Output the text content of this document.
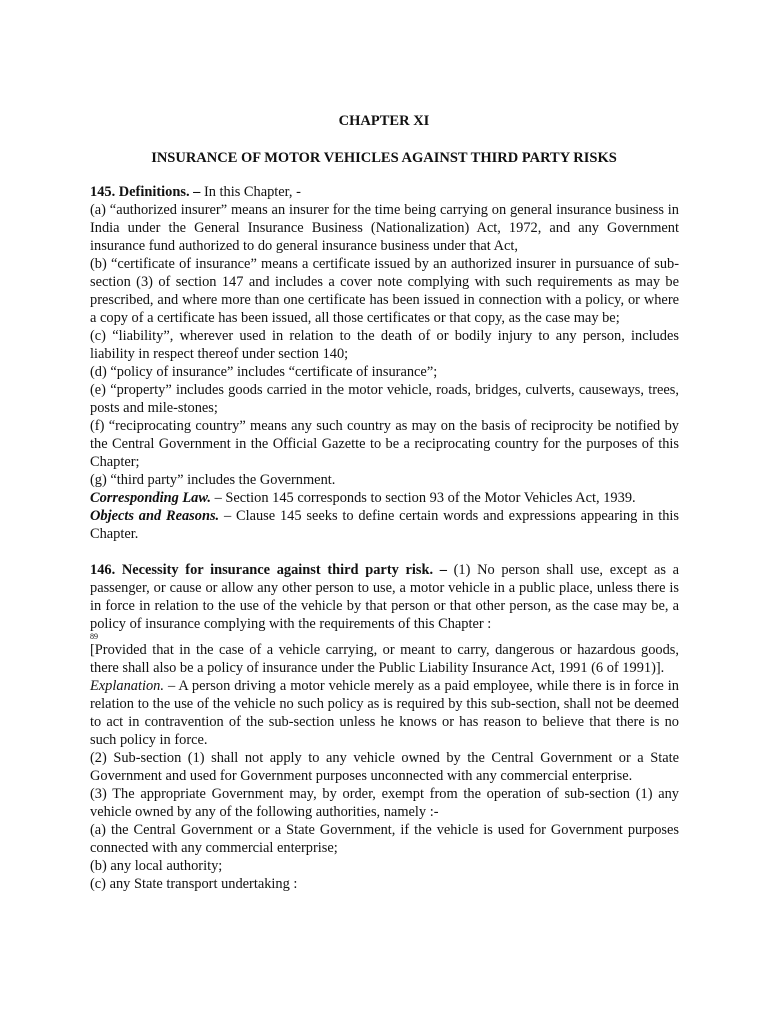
CHAPTER XI
INSURANCE OF MOTOR VEHICLES AGAINST THIRD PARTY RISKS

145. Definitions. – In this Chapter, -

(a) “authorized insurer” means an insurer for the time being carrying on general insurance business in India under the General Insurance Business (Nationalization) Act, 1972, and any Government insurance fund authorized to do general insurance business under that Act,

(b) “certificate of insurance” means a certificate issued by an authorized insurer in pursuance of sub-section (3) of section 147 and includes a cover note complying with such requirements as may be prescribed, and where more than one certificate has been issued in connection with a policy, or where a copy of a certificate has been issued, all those certificates or that copy, as the case may be;

(c) “liability”, wherever used in relation to the death of or bodily injury to any person, includes liability in respect thereof under section 140;

(d) “policy of insurance” includes “certificate of insurance”;

(e) “property” includes goods carried in the motor vehicle, roads, bridges, culverts, causeways, trees, posts and mile-stones;

(f) “reciprocating country” means any such country as may on the basis of reciprocity be notified by the Central Government in the Official Gazette to be a reciprocating country for the purposes of this Chapter;

(g) “third party” includes the Government.

Corresponding Law. – Section 145 corresponds to section 93 of the Motor Vehicles Act, 1939.

Objects and Reasons. – Clause 145 seeks to define certain words and expressions appearing in this Chapter.

146. Necessity for insurance against third party risk. – (1) No person shall use, except as a passenger, or cause or allow any other person to use, a motor vehicle in a public place, unless there is in force in relation to the use of the vehicle by that person or that other person, as the case may be, a policy of insurance complying with the requirements of this Chapter :

89

[Provided that in the case of a vehicle carrying, or meant to carry, dangerous or hazardous goods, there shall also be a policy of insurance under the Public Liability Insurance Act, 1991 (6 of 1991)].

Explanation. – A person driving a motor vehicle merely as a paid employee, while there is in force in relation to the use of the vehicle no such policy as is required by this sub-section, shall not be deemed to act in contravention of the sub-section unless he knows or has reason to believe that there is no such policy in force.

(2) Sub-section (1) shall not apply to any vehicle owned by the Central Government or a State Government and used for Government purposes unconnected with any commercial enterprise.

(3) The appropriate Government may, by order, exempt from the operation of sub-section (1) any vehicle owned by any of the following authorities, namely :-

(a) the Central Government or a State Government, if the vehicle is used for Government purposes connected with any commercial enterprise;

(b) any local authority;

(c) any State transport undertaking :
